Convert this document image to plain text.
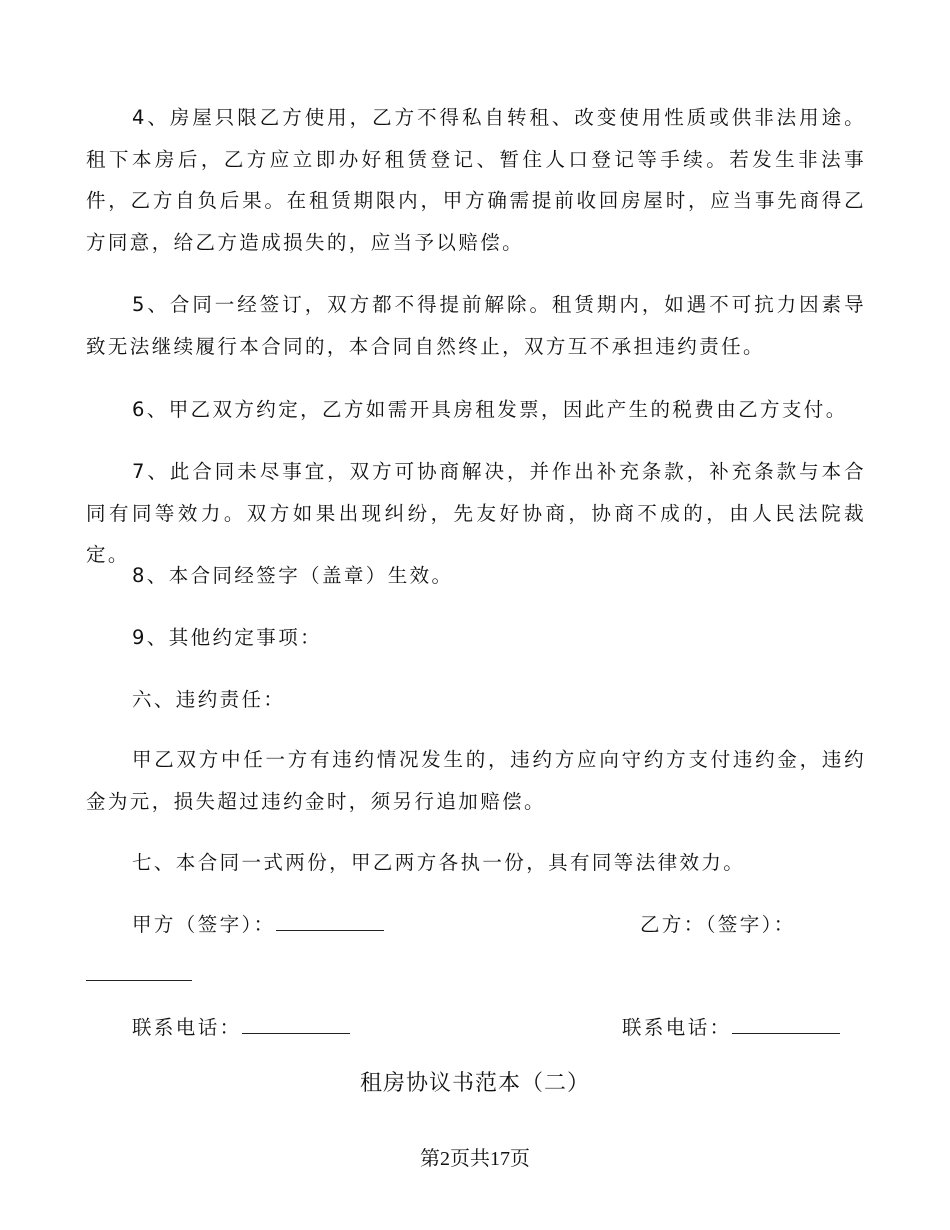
4、房屋只限乙方使用，乙方不得私自转租、改变使用性质或供非法用途。租下本房后，乙方应立即办好租赁登记、暂住人口登记等手续。若发生非法事件，乙方自负后果。在租赁期限内，甲方确需提前收回房屋时，应当事先商得乙方同意，给乙方造成损失的，应当予以赔偿。

5、合同一经签订，双方都不得提前解除。租赁期内，如遇不可抗力因素导致无法继续履行本合同的，本合同自然终止，双方互不承担违约责任。

6、甲乙双方约定，乙方如需开具房租发票，因此产生的税费由乙方支付。

7、此合同未尽事宜，双方可协商解决，并作出补充条款，补充条款与本合同有同等效力。双方如果出现纠纷，先友好协商，协商不成的，由人民法院裁定。

8、本合同经签字（盖章）生效。

9、其他约定事项：

六、违约责任：

甲乙双方中任一方有违约情况发生的，违约方应向守约方支付违约金，违约金为元，损失超过违约金时，须另行追加赔偿。

七、本合同一式两份，甲乙两方各执一份，具有同等法律效力。

甲方（签字）：	乙方：（签字）：
联系电话：	联系电话：
租房协议书范本（二）
第2页共17页
